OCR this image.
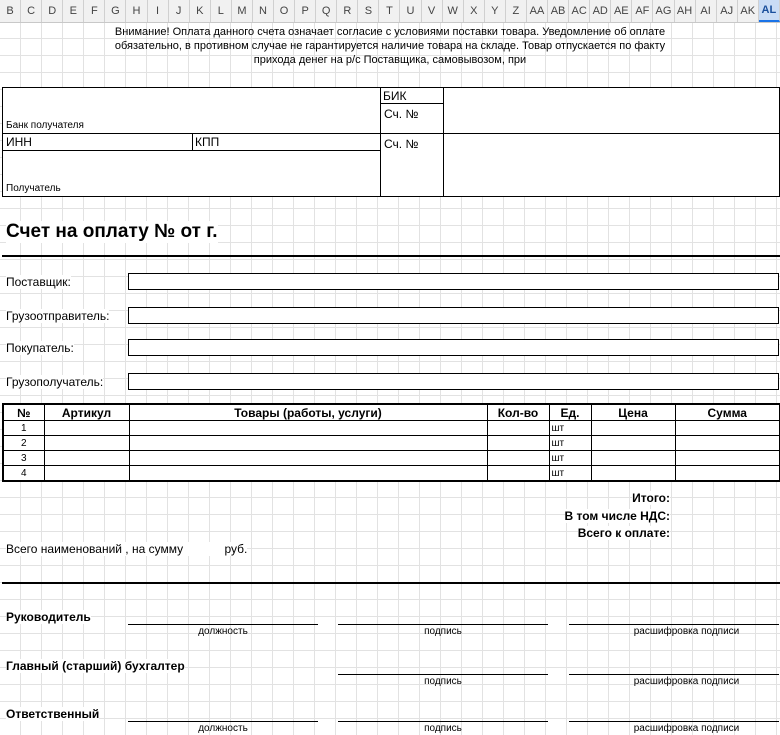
B	C	D	E	F	G	H	I	J	K	L	M	N	O	P	Q	R	S	T	U	V	W	X	Y	Z AA AB AC AD AE AF AG AH AI AJ AK AL
Внимание! Оплата данного счета означает согласие с условиями поставки товара. Уведомление об оплате
обязательно, в противном случае не гарантируется наличие товара на складе. Товар отпускается по факту
прихода денег на р/с Поставщика, самовывозом, при
БИК
Сч. №
Банк получателя
ИНН	КПП	Сч. №
Получатель
Счет на оплату № от г.
Поставщик:
Грузоотправитель:
Покупатель:
Грузополучатель:
№	Артикул	Товары (работы, услуги)	Кол-во	Ед.	Цена	Сумма
1				шт		
2				шт		
3				шт		
4				шт		
Итого:
В том числе НДС:
Всего к оплате:
Всего наименований , на сумму	руб.
Руководитель
должность	подпись	расшифровка подписи
Главный (старший) бухгалтер
подпись	расшифровка подписи
Ответственный
должность	подпись	расшифровка подписи
